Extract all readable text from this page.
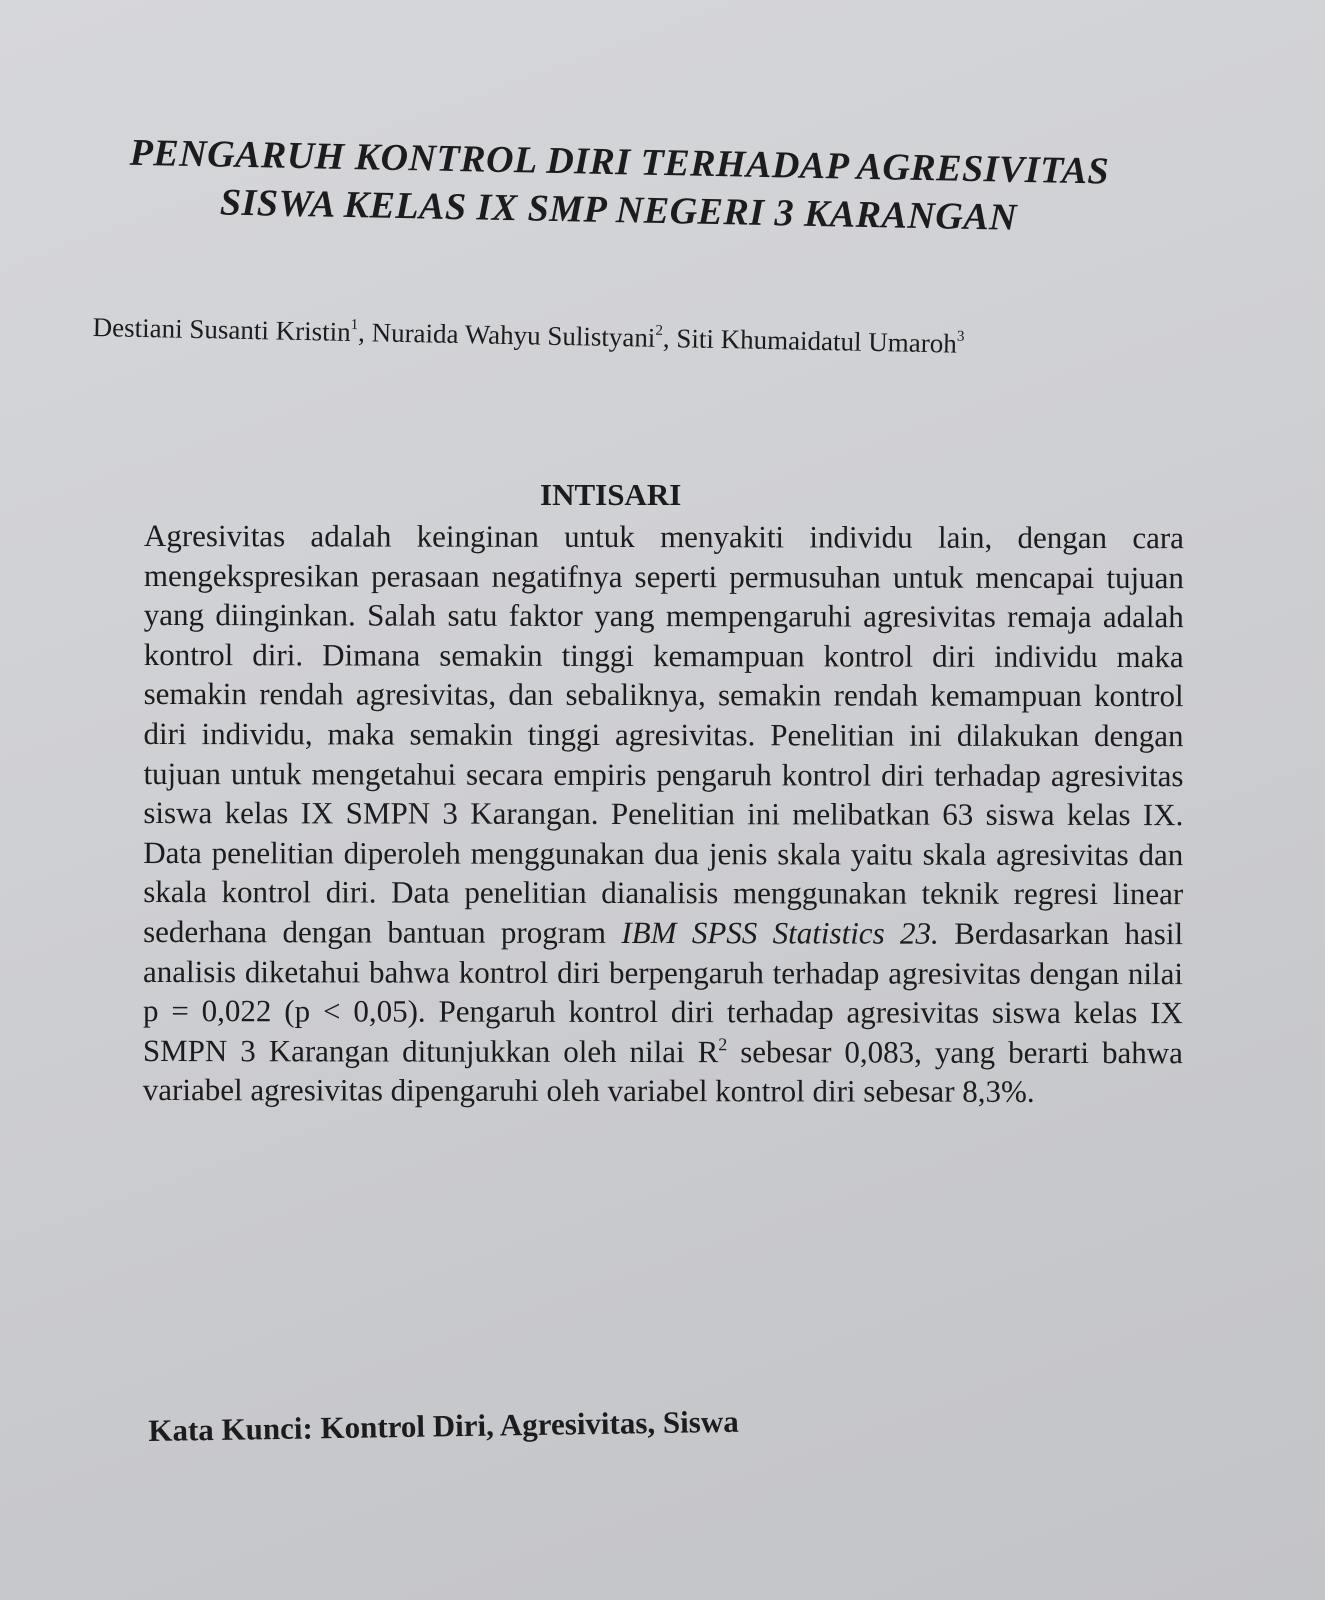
PENGARUH KONTROL DIRI TERHADAP AGRESIVITAS
SISWA KELAS IX SMP NEGERI 3 KARANGAN
Destiani Susanti Kristin$^1$, Nuraida Wahyu Sulistyani$^2$, Siti Khumaidatul Umaroh$^3$
INTISARI
Agresivitas adalah keinginan untuk menyakiti individu lain, dengan cara mengekspresikan perasaan negatifnya seperti permusuhan untuk mencapai tujuan yang diinginkan. Salah satu faktor yang mempengaruhi agresivitas remaja adalah kontrol diri. Dimana semakin tinggi kemampuan kontrol diri individu maka semakin rendah agresivitas, dan sebaliknya, semakin rendah kemampuan kontrol diri individu, maka semakin tinggi agresivitas. Penelitian ini dilakukan dengan tujuan untuk mengetahui secara empiris pengaruh kontrol diri terhadap agresivitas siswa kelas IX SMPN 3 Karangan. Penelitian ini melibatkan 63 siswa kelas IX. Data penelitian diperoleh menggunakan dua jenis skala yaitu skala agresivitas dan skala kontrol diri. Data penelitian dianalisis menggunakan teknik regresi linear sederhana dengan bantuan program IBM SPSS Statistics 23. Berdasarkan hasil analisis diketahui bahwa kontrol diri berpengaruh terhadap agresivitas dengan nilai p = 0,022 (p < 0,05). Pengaruh kontrol diri terhadap agresivitas siswa kelas IX SMPN 3 Karangan ditunjukkan oleh nilai $R^2$ sebesar 0,083, yang berarti bahwa variabel agresivitas dipengaruhi oleh variabel kontrol diri sebesar 8,3%.
Kata Kunci: Kontrol Diri, Agresivitas, Siswa
